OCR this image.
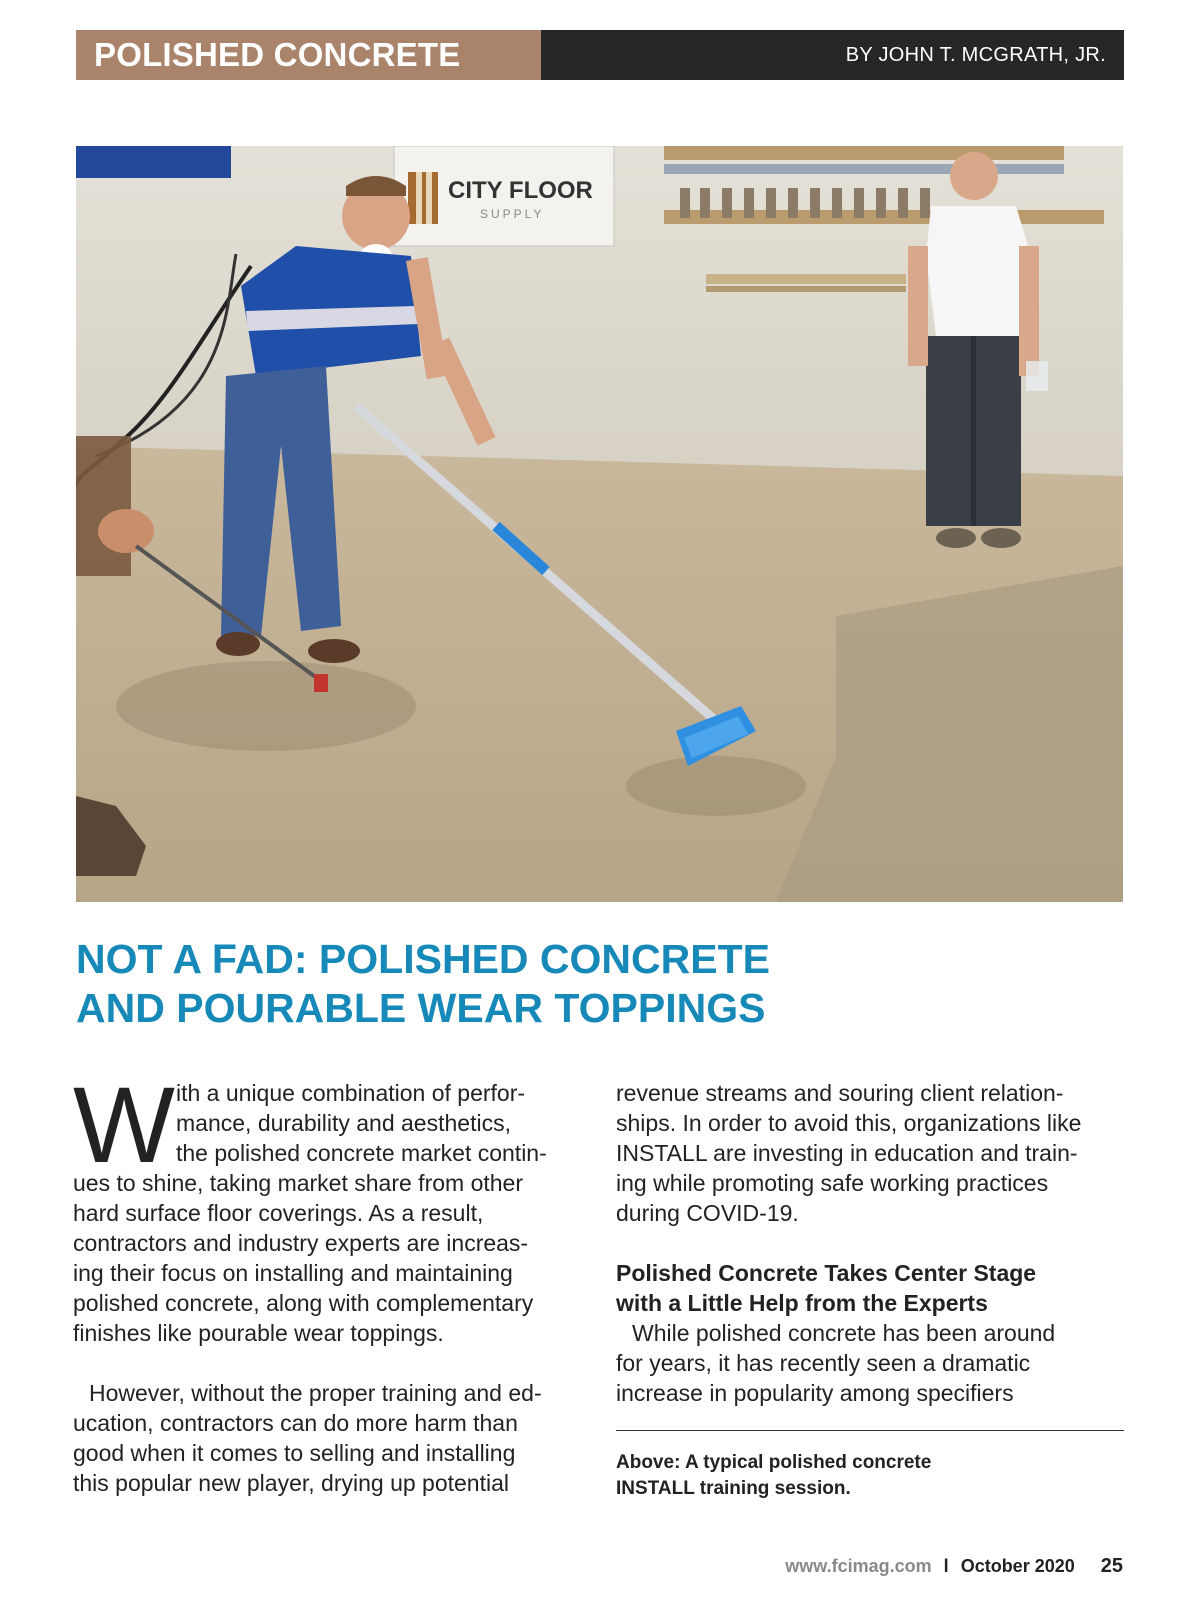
POLISHED CONCRETE	BY JOHN T. MCGRATH, JR.
CITY FLOOR
SUPPLY
NOT A FAD: POLISHED CONCRETE
AND POURABLE WEAR TOPPINGS
W ith a unique combination of perfor-
mance, durability and aesthetics,
the polished concrete market contin-
ues to shine, taking market share from other
hard surface floor coverings. As a result,
contractors and industry experts are increas-
ing their focus on installing and maintaining
polished concrete, along with complementary
finishes like pourable wear toppings.
However, without the proper training and ed-
ucation, contractors can do more harm than
good when it comes to selling and installing
this popular new player, drying up potential
revenue streams and souring client relation-
ships. In order to avoid this, organizations like
INSTALL are investing in education and train-
ing while promoting safe working practices
during COVID-19.
Polished Concrete Takes Center Stage
with a Little Help from the Experts
While polished concrete has been around
for years, it has recently seen a dramatic
increase in popularity among specifiers
Above: A typical polished concrete
INSTALL training session.
www.fcimag.com l October 2020 25
